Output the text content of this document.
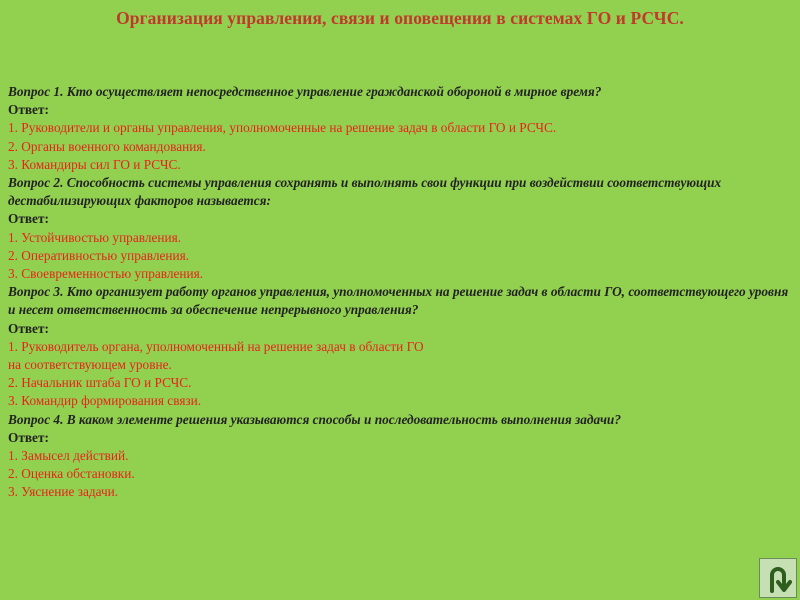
Организация управления, связи и оповещения в системах ГО и РСЧС.
Вопрос 1. Кто осуществляет непосредственное управление гражданской обороной в мирное время?
Ответ:
1. Руководители и органы управления, уполномоченные на решение задач в области ГО и РСЧС.
2. Органы военного командования.
3. Командиры сил ГО и РСЧС.
Вопрос 2. Способность системы управления сохранять и выполнять свои функции при воздействии соответствующих дестабилизирующих факторов называется:
Ответ:
1. Устойчивостью управления.
2. Оперативностью управления.
3. Своевременностью управления.
Вопрос 3. Кто организует работу органов управления, уполномоченных на решение задач в области ГО, соответствующего уровня и несет ответственность за обеспечение непрерывного управления?
Ответ:
1. Руководитель органа, уполномоченный на решение задач в области ГО
на соответствующем уровне.
2. Начальник штаба ГО и РСЧС.
3. Командир формирования связи.
Вопрос 4. В каком элементе решения указываются способы и последовательность выполнения задачи?
Ответ:
1. Замысел действий.
2. Оценка обстановки.
3. Уяснение задачи.
